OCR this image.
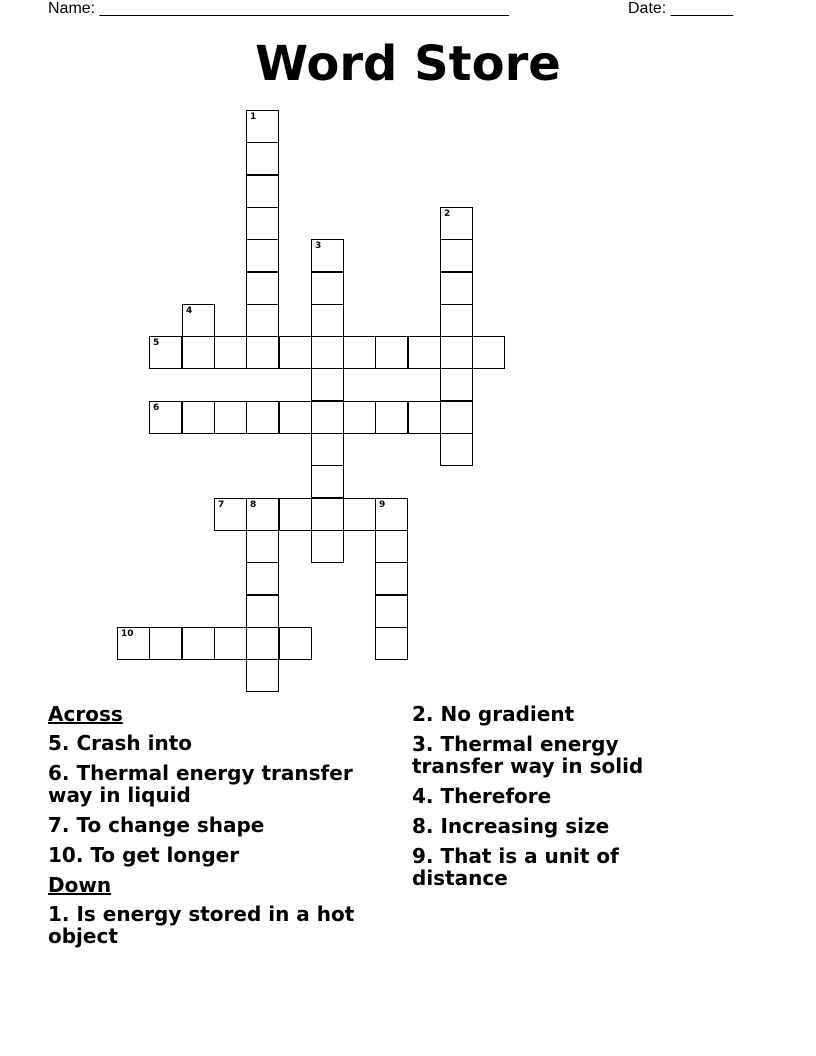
Name: ______________________________________________	Date: _______
Word Store
1
2
3
4
5
6
7	8	9
10
Across
5. Crash into
6. Thermal energy transfer way in liquid
7. To change shape
10. To get longer
Down
1. Is energy stored in a hot object
2. No gradient
3. Thermal energy transfer way in solid
4. Therefore
8. Increasing size
9. That is a unit of distance
